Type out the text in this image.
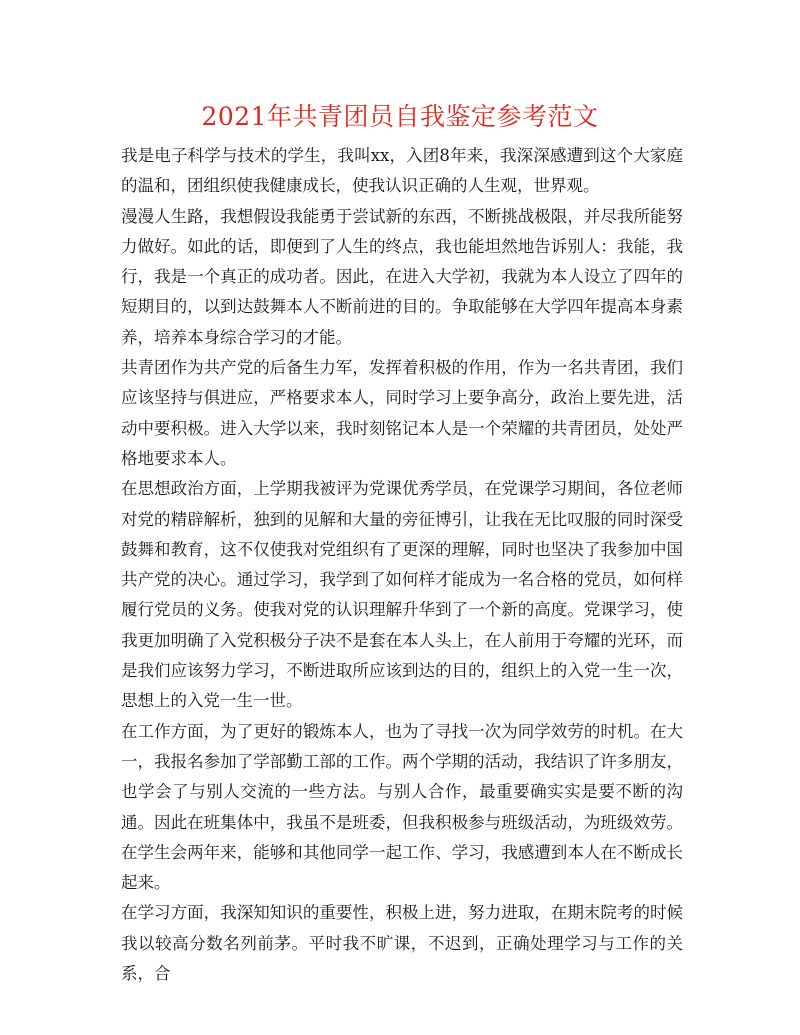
2021年共青团员自我鉴定参考范文

我是电子科学与技术的学生，我叫xx，入团8年来，我深深感遭到这个大家庭的温和，团组织使我健康成长，使我认识正确的人生观，世界观。

漫漫人生路，我想假设我能勇于尝试新的东西，不断挑战极限，并尽我所能努力做好。如此的话，即便到了人生的终点，我也能坦然地告诉别人：我能，我行，我是一个真正的成功者。因此，在进入大学初，我就为本人设立了四年的短期目的，以到达鼓舞本人不断前进的目的。争取能够在大学四年提高本身素养，培养本身综合学习的才能。

共青团作为共产党的后备生力军，发挥着积极的作用，作为一名共青团，我们应该坚持与俱进应，严格要求本人，同时学习上要争高分，政治上要先进，活动中要积极。进入大学以来，我时刻铭记本人是一个荣耀的共青团员，处处严格地要求本人。

在思想政治方面，上学期我被评为党课优秀学员，在党课学习期间，各位老师对党的精辟解析，独到的见解和大量的旁征博引，让我在无比叹服的同时深受鼓舞和教育，这不仅使我对党组织有了更深的理解，同时也坚决了我参加中国共产党的决心。通过学习，我学到了如何样才能成为一名合格的党员，如何样履行党员的义务。使我对党的认识理解升华到了一个新的高度。党课学习，使我更加明确了入党积极分子决不是套在本人头上，在人前用于夸耀的光环，而是我们应该努力学习，不断进取所应该到达的目的，组织上的入党一生一次，思想上的入党一生一世。

在工作方面，为了更好的锻炼本人，也为了寻找一次为同学效劳的时机。在大一，我报名参加了学部勤工部的工作。两个学期的活动，我结识了许多朋友，也学会了与别人交流的一些方法。与别人合作，最重要确实实是要不断的沟通。因此在班集体中，我虽不是班委，但我积极参与班级活动，为班级效劳。在学生会两年来，能够和其他同学一起工作、学习，我感遭到本人在不断成长起来。

在学习方面，我深知知识的重要性，积极上进，努力进取，在期末院考的时候我以较高分数名列前茅。平时我不旷课，不迟到，正确处理学习与工作的关系，合
